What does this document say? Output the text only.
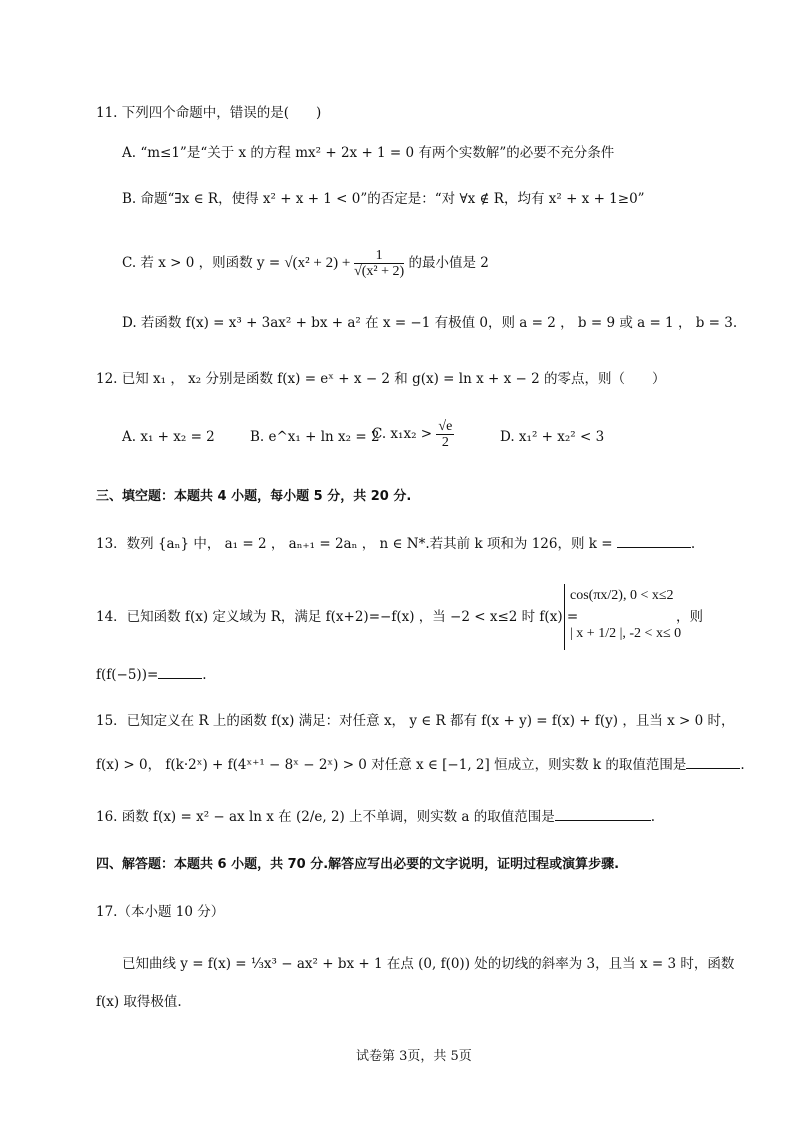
11. 下列四个命题中，错误的是(　　)
A. “m≤1”是“关于 x 的方程 mx² + 2x + 1 = 0 有两个实数解”的必要不充分条件
B. 命题“∃x ∈ R，使得 x² + x + 1 < 0”的否定是：“对 ∀x ∉ R，均有 x² + x + 1≥0”
C. 若 x > 0 ，则函数 $y = √(x^2 + 2) + \frac{1}{\text{√(x² + 2)}}$ 的最小值是 2
D. 若函数 f(x) = x³ + 3ax² + bx + a² 在 x = −1 有极值 0，则 a = 2 ， b = 9 或 a = 1 ， b = 3.
12. 已知 x₁ ， x₂ 分别是函数 f(x) = eˣ + x − 2 和 g(x) = ln x + x − 2 的零点，则（　　）
A. x₁ + x₂ = 2	B. e^x₁ + ln x₂ = 2
C. $x_1x_2 > \frac{√e}{2}$	D. x₁² + x₂² < 3
三、填空题：本题共 4 小题，每小题 5 分，共 20 分.
13．数列 {aₙ} 中， a₁ = 2 ， aₙ₊₁ = 2aₙ ， n ∈ N*.若其前 k 项和为 126，则 k =	.
14．已知函数 f(x) 定义域为 R，满足 f(x+2)=−f(x) ，当 −2 < x≤2 时 f(x) =
cos(πx/2), 0 < x≤2
| x + 1/2 |, -2 < x≤ 0
，则
f(f(−5))=	.
15．已知定义在 R 上的函数 f(x) 满足：对任意 x， y ∈ R 都有 f(x + y) = f(x) + f(y) ，且当 x > 0 时，
f(x) > 0， f(k·2ˣ) + f(4ˣ⁺¹ − 8ˣ − 2ˣ) > 0 对任意 x ∈ [−1, 2] 恒成立，则实数 k 的取值范围是	.
16. 函数 f(x) = x² − ax ln x 在 (2/e, 2) 上不单调，则实数 a 的取值范围是	.
四、解答题：本题共 6 小题，共 70 分.解答应写出必要的文字说明，证明过程或演算步骤.
17.（本小题 10 分）
已知曲线 y = f(x) = ⅓x³ − ax² + bx + 1 在点 (0, f(0)) 处的切线的斜率为 3，且当 x = 3 时，函数
f(x) 取得极值.
试卷第 3页，共 5页
